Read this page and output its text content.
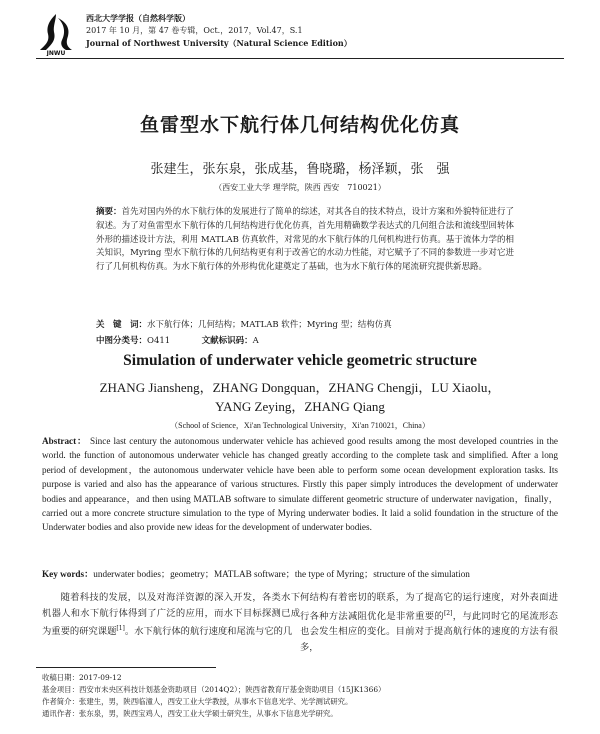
JNWU
西北大学学报（自然科学版）
2017 年 10 月，第 47 卷专辑，Oct.，2017，Vol.47，S.1
Journal of Northwest University（Natural Science Edition）
鱼雷型水下航行体几何结构优化仿真
张建生，张东泉，张成基，鲁晓璐，杨泽颖，张　强
（西安工业大学 理学院，陕西 西安　710021）
摘要：首先对国内外的水下航行体的发展进行了简单的综述，对其各自的技术特点，设计方案和外貌特征进行了叙述。为了对鱼雷型水下航行体的几何结构进行优化仿真，首先用精确数学表达式的几何组合法和流线型回转体外形的描述设计方法，利用 MATLAB 仿真软件，对常见的水下航行体的几何机构进行仿真。基于流体力学的相关知识，Myring 型水下航行体的几何结构更有利于改善它的水动力性能，对它赋予了不同的参数进一步对它进行了几何机构仿真。为水下航行体的外形构优化建奠定了基础，也为水下航行体的尾流研究提供新思路。
关　键　词：水下航行体；几何结构；MATLAB 软件；Myring 型；结构仿真
中图分类号：O411	文献标识码：A
Simulation of underwater vehicle geometric structure
ZHANG Jiansheng，ZHANG Dongquan，ZHANG Chengji，LU Xiaolu，
YANG Zeying，ZHANG Qiang
（School of Science，Xi'an Technological University，Xi'an 710021，China）
Abstract： Since last century the autonomous underwater vehicle has achieved good results among the most developed countries in the world. the function of autonomous underwater vehicle has changed greatly according to the complete task and simplified. After a long period of development，the autonomous underwater vehicle have been able to perform some ocean development exploration tasks. Its purpose is varied and also has the appearance of various structures. Firstly this paper simply introduces the development of underwater bodies and appearance，and then using MATLAB software to simulate different geometric structure of underwater navigation，finally，carried out a more concrete structure simulation to the type of Myring underwater bodies. It laid a solid foundation in the structure of the Underwater bodies and also provide new ideas for the development of underwater bodies.
Key words：underwater bodies；geometry；MATLAB software；the type of Myring；structure of the simulation
随着科技的发展，以及对海洋资源的深入开发，各类水下机器人和水下航行体得到了广泛的应用，而水下目标探测已成为重要的研究课题[1]。水下航行体的航行速度和尾流与它的几
何结构有着密切的联系，为了提高它的运行速度，对外表面进行各种方法减阻优化是非常重要的[2]，与此同时它的尾流形态也会发生相应的变化。目前对于提高航行体的速度的方法有很多，
收稿日期：2017-09-12
基金项目：西安市未央区科技计划基金资助项目（2014Q2）；陕西省教育厅基金资助项目（15JK1366）
作者简介：张建生，男，陕西临潼人，西安工业大学教授，从事水下信息光学、光学测试研究。
通讯作者：张东泉，男，陕西宝鸡人，西安工业大学硕士研究生，从事水下信息光学研究。
